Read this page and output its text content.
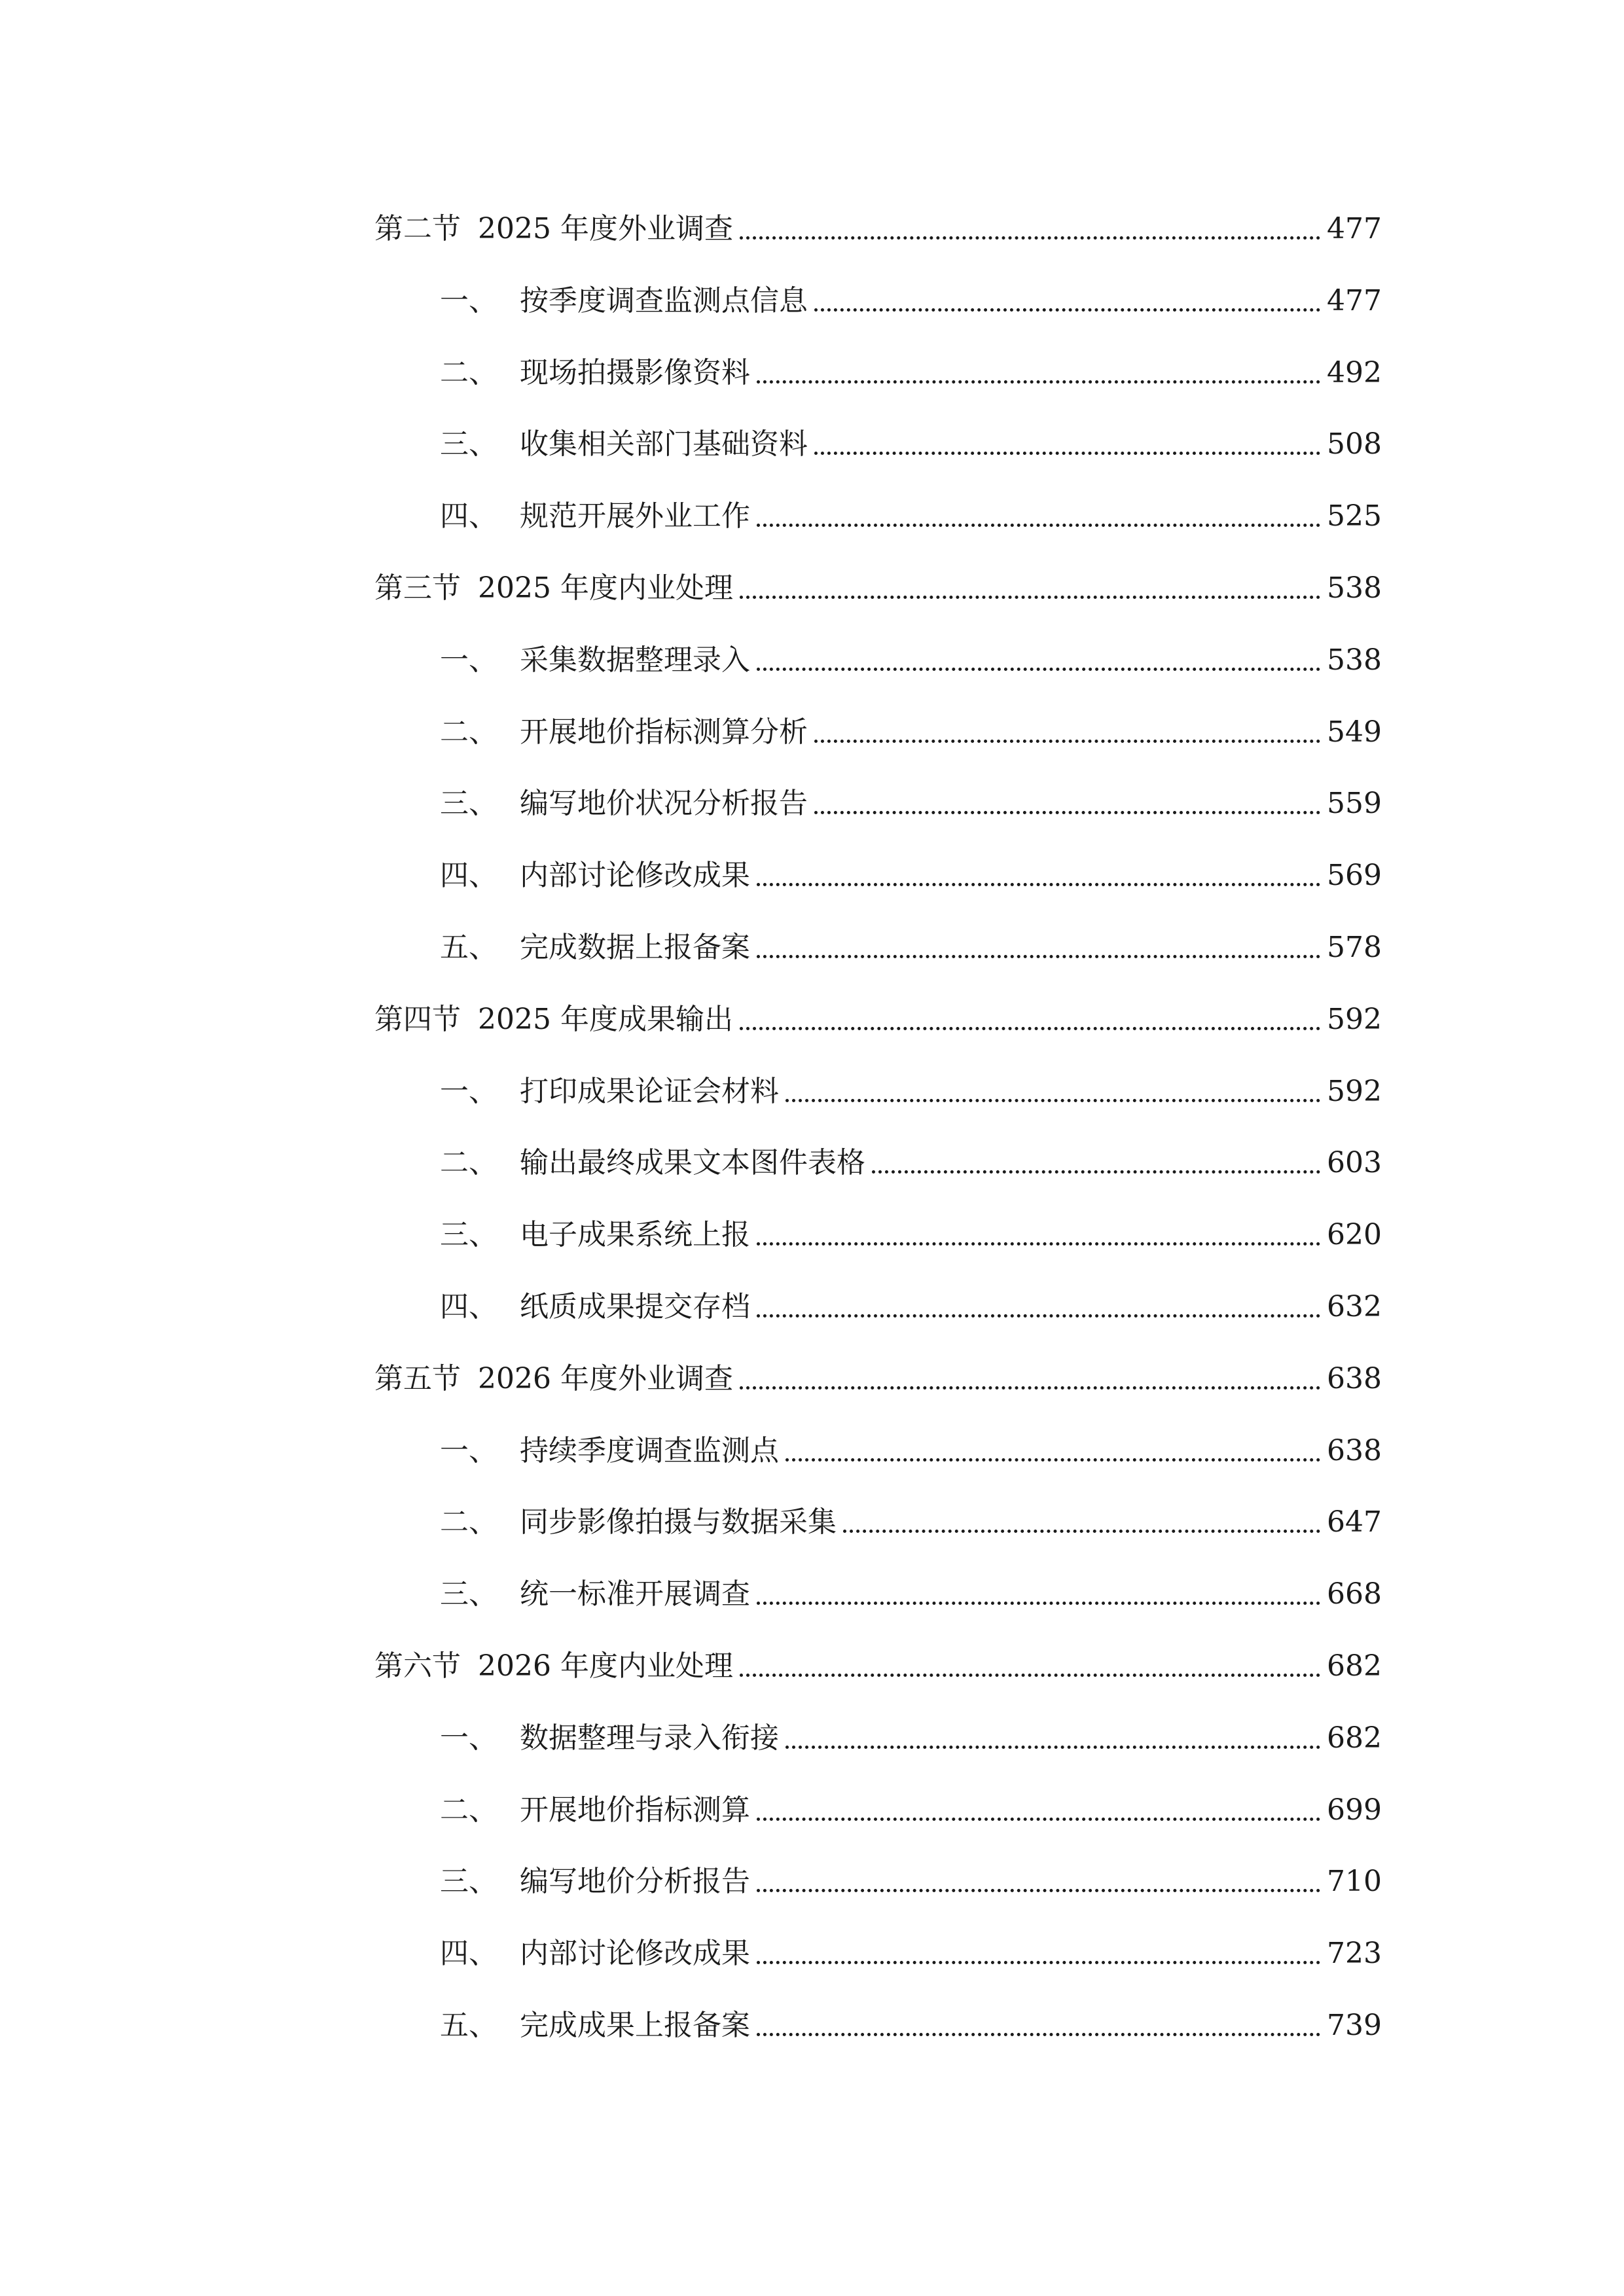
第二节 2025 年度外业调查	477
一、 按季度调查监测点信息	477
二、 现场拍摄影像资料	492
三、 收集相关部门基础资料	508
四、 规范开展外业工作	525
第三节 2025 年度内业处理	538
一、 采集数据整理录入	538
二、 开展地价指标测算分析	549
三、 编写地价状况分析报告	559
四、 内部讨论修改成果	569
五、 完成数据上报备案	578
第四节 2025 年度成果输出	592
一、 打印成果论证会材料	592
二、 输出最终成果文本图件表格	603
三、 电子成果系统上报	620
四、 纸质成果提交存档	632
第五节 2026 年度外业调查	638
一、 持续季度调查监测点	638
二、 同步影像拍摄与数据采集	647
三、 统一标准开展调查	668
第六节 2026 年度内业处理	682
一、 数据整理与录入衔接	682
二、 开展地价指标测算	699
三、 编写地价分析报告	710
四、 内部讨论修改成果	723
五、 完成成果上报备案	739
